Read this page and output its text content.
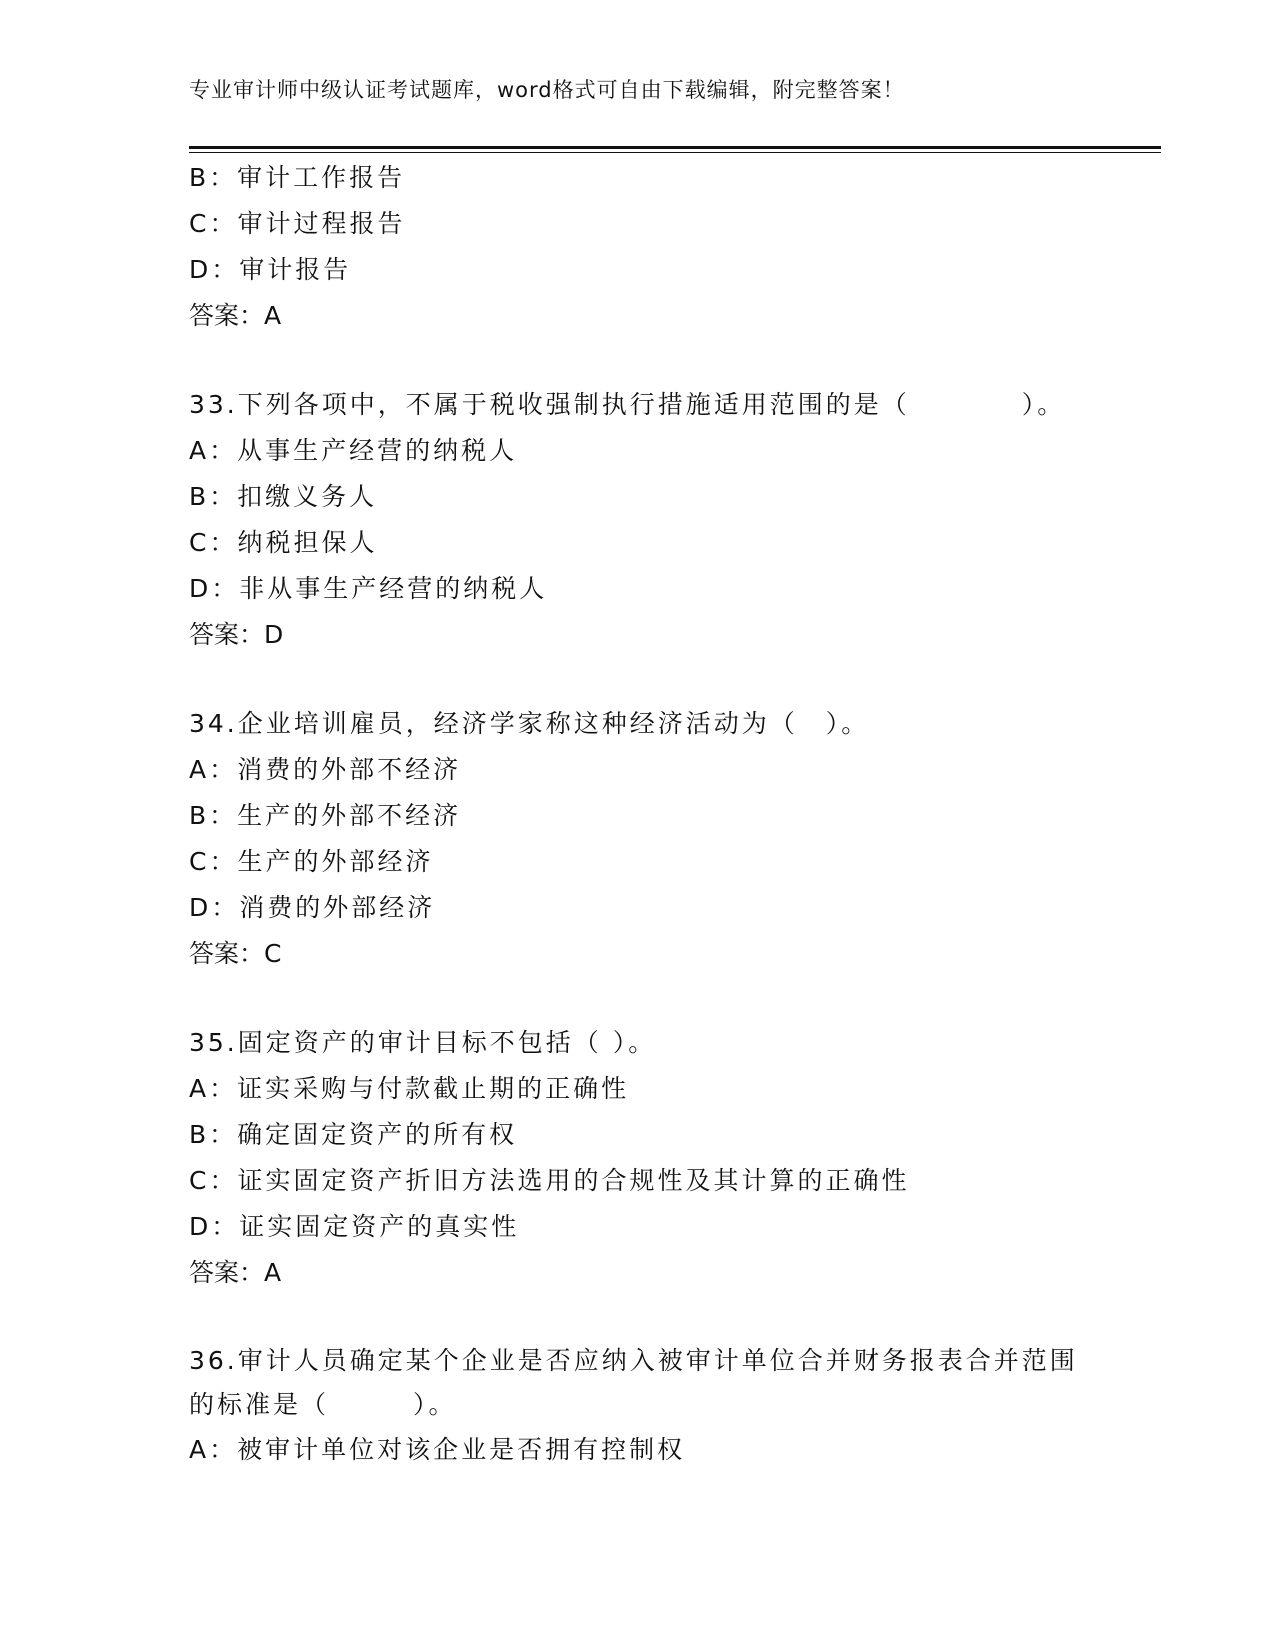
专业审计师中级认证考试题库，word格式可自由下载编辑，附完整答案！
B：审计工作报告
C：审计过程报告
D：审计报告
答案：A
33.下列各项中，不属于税收强制执行措施适用范围的是（　　　　）。
A：从事生产经营的纳税人
B：扣缴义务人
C：纳税担保人
D：非从事生产经营的纳税人
答案：D
34.企业培训雇员，经济学家称这种经济活动为（　）。
A：消费的外部不经济
B：生产的外部不经济
C：生产的外部经济
D：消费的外部经济
答案：C
35.固定资产的审计目标不包括（ ）。
A：证实采购与付款截止期的正确性
B：确定固定资产的所有权
C：证实固定资产折旧方法选用的合规性及其计算的正确性
D：证实固定资产的真实性
答案：A
36.审计人员确定某个企业是否应纳入被审计单位合并财务报表合并范围的标准是（　　　）。
A：被审计单位对该企业是否拥有控制权
